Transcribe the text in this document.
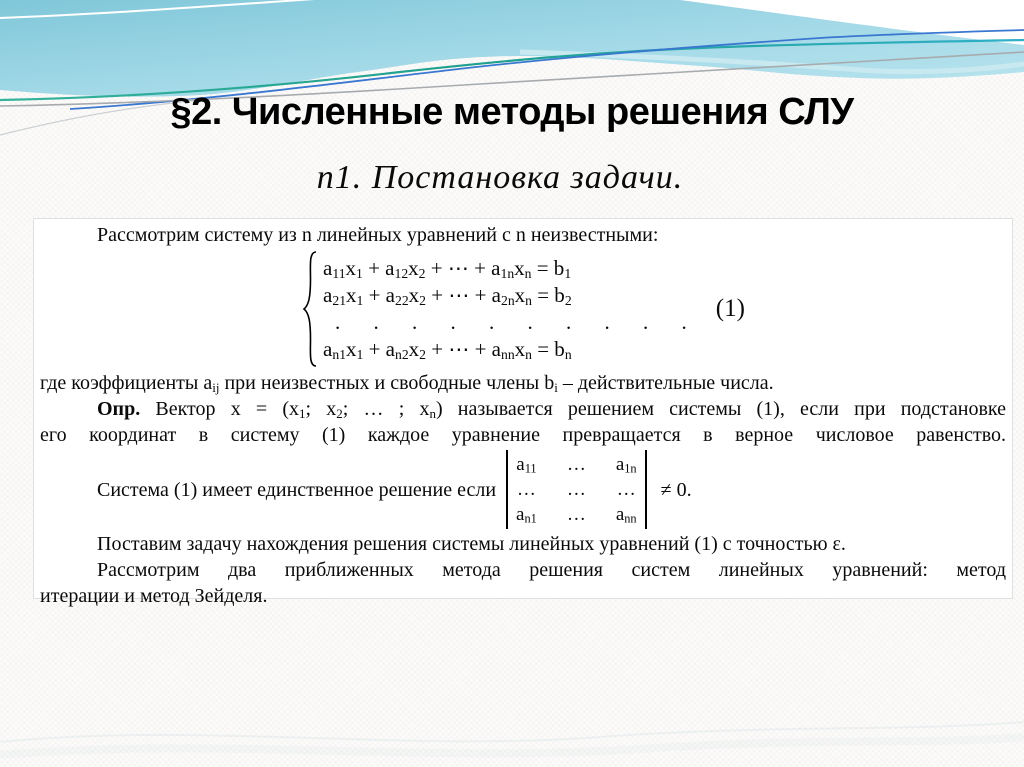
§2. Численные методы решения СЛУ
п1. Постановка задачи.
Рассмотрим систему из n линейных уравнений с n неизвестными:
$a_{11}x_1 + a_{12}x_2$ + ⋯ + $a_{1n}x_n = b_1$
$a_{21}x_1 + a_{22}x_2$ + ⋯ + $a_{2n}x_n = b_2$
. . . . . . . . . .
$a_{n1}x_1 + a_{n2}x_2$ + ⋯ + $a_{nn}x_n = b_n$
(1)
где коэффициенты $a_{ij}$ при неизвестных и свободные члены $b_i$ – действительные числа.
Опр. Вектор $x = (x_1$; $x_2$; … ; $x_n$) называется решением системы (1), если при подстановке
его координат в систему (1) каждое уравнение превращается в верное числовое равенство.
Система (1) имеет единственное решение если
$a_{11}$ … $a_{1n}$
… … …
$a_{n1}$ … $a_{nn}$
≠ 0.
Поставим задачу нахождения решения системы линейных уравнений (1) с точностью ε.
Рассмотрим два приближенных метода решения систем линейных уравнений: метод
итерации и метод Зейделя.
